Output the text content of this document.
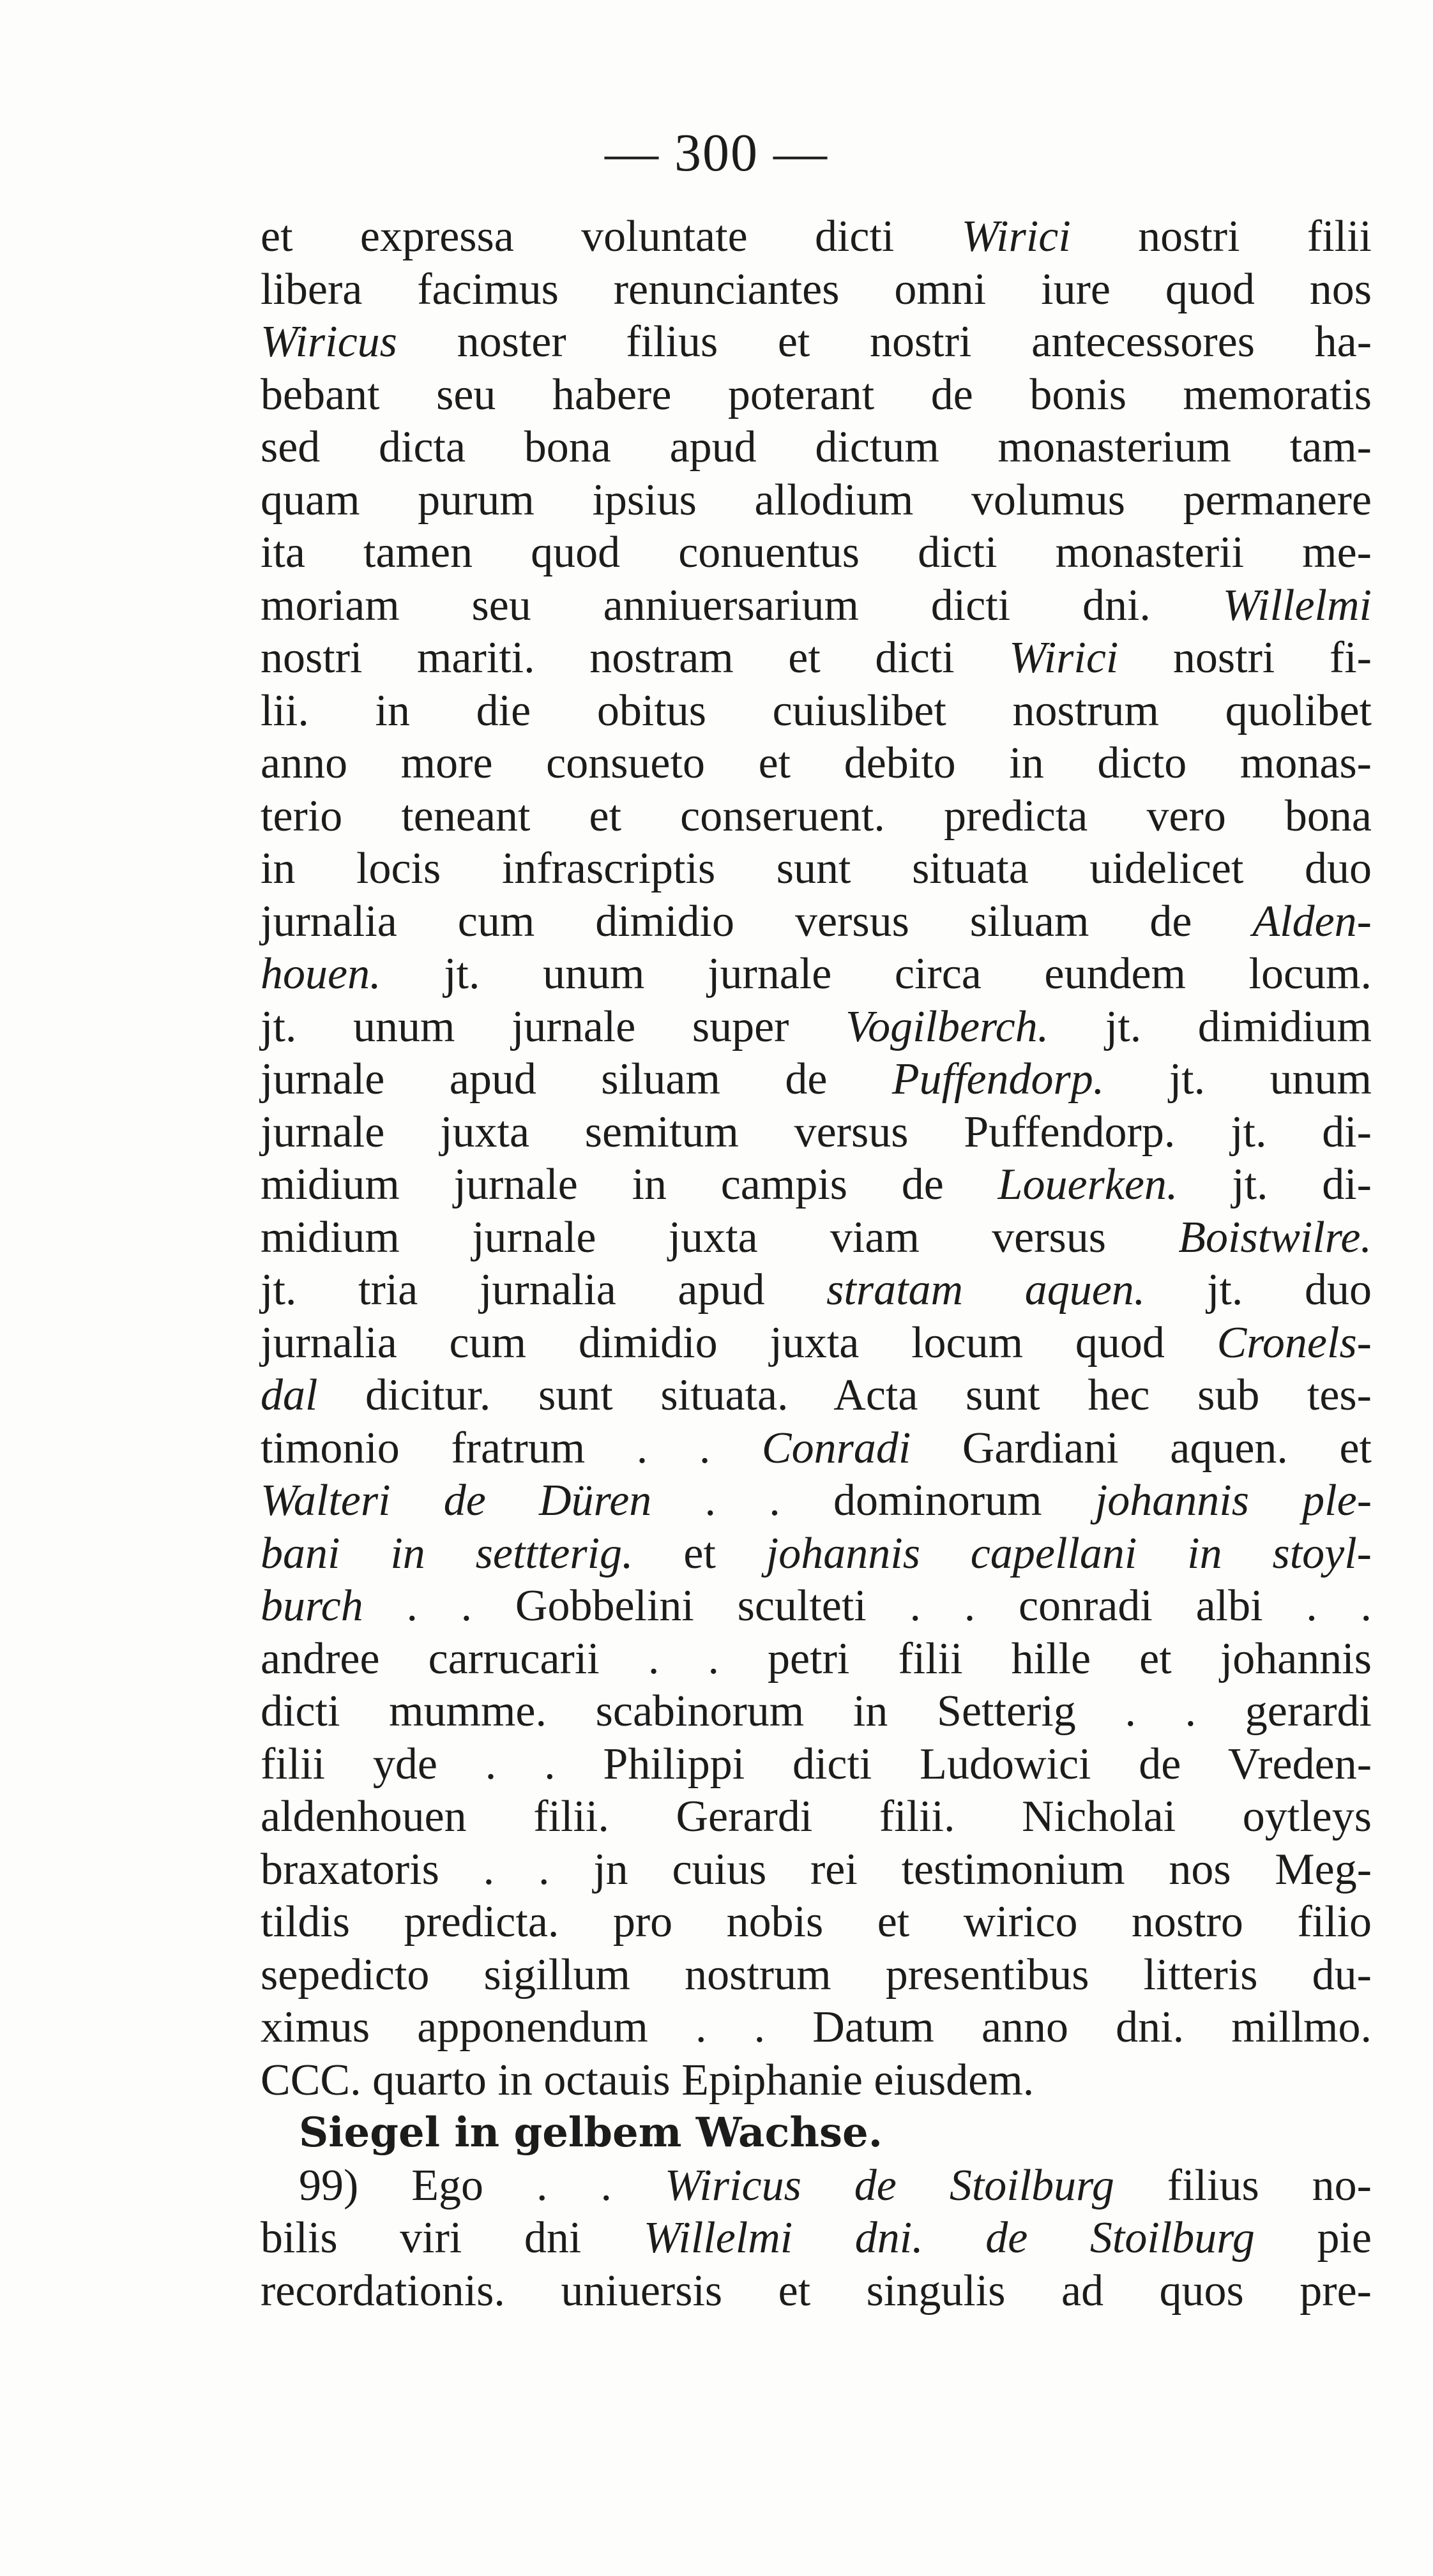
— 300 —
et expressa voluntate dicti Wirici nostri filii
libera facimus renunciantes omni iure quod nos
Wiricus noster filius et nostri antecessores ha-
bebant seu habere poterant de bonis memoratis
sed dicta bona apud dictum monasterium tam-
quam purum ipsius allodium volumus permanere
ita tamen quod conuentus dicti monasterii me-
moriam seu anniuersarium dicti dni. Willelmi
nostri mariti. nostram et dicti Wirici nostri fi-
lii. in die obitus cuiuslibet nostrum quolibet
anno more consueto et debito in dicto monas-
terio teneant et conseruent. predicta vero bona
in locis infrascriptis sunt situata uidelicet duo
jurnalia cum dimidio versus siluam de Alden-
houen. jt. unum jurnale circa eundem locum.
jt. unum jurnale super Vogilberch. jt. dimidium
jurnale apud siluam de Puffendorp. jt. unum
jurnale juxta semitum versus Puffendorp. jt. di-
midium jurnale in campis de Louerken. jt. di-
midium jurnale juxta viam versus Boistwilre.
jt. tria jurnalia apud stratam aquen. jt. duo
jurnalia cum dimidio juxta locum quod Cronels-
dal dicitur. sunt situata. Acta sunt hec sub tes-
timonio fratrum . . Conradi Gardiani aquen. et
Walteri de Düren . . dominorum johannis ple-
bani in settterig. et johannis capellani in stoyl-
burch . . Gobbelini sculteti . . conradi albi . .
andree carrucarii . . petri filii hille et johannis
dicti mumme. scabinorum in Setterig . . gerardi
filii yde . . Philippi dicti Ludowici de Vreden-
aldenhouen filii. Gerardi filii. Nicholai oytleys
braxatoris . . jn cuius rei testimonium nos Meg-
tildis predicta. pro nobis et wirico nostro filio
sepedicto sigillum nostrum presentibus litteris du-
ximus apponendum . . Datum anno dni. millmo.
CCC. quarto in octauis Epiphanie eiusdem.
Siegel in gelbem Wachse.
99) Ego . . Wiricus de Stoilburg filius no-
bilis viri dni Willelmi dni. de Stoilburg pie
recordationis. uniuersis et singulis ad quos pre-
